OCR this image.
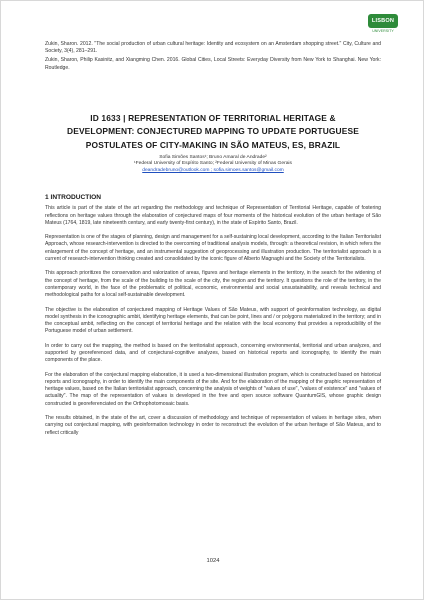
LISBON
UNIVERSITY

Zukin, Sharon. 2012. "The social production of urban cultural heritage: Identity and ecosystem on an Amsterdam shopping street." City, Culture and Society, 3(4), 281–291.

Zukin, Sharon, Philip Kasinitz, and Xiangming Chen. 2016. Global Cities, Local Streets: Everyday Diversity from New York to Shanghai. New York: Routledge.

ID 1633 | REPRESENTATION OF TERRITORIAL HERITAGE &
DEVELOPMENT: CONJECTURED MAPPING TO UPDATE PORTUGUESE
POSTULATES OF CITY-MAKING IN SÃO MATEUS, ES, BRAZIL
Sofia Simões Santos¹; Bruno Amaral de Andrade²
¹Federal University of Espírito Santo; ²Federal University of Minas Gerais
deandradebruno@outlook.com ; sofia.simoes.santos@gmail.com
1 INTRODUCTION

This article is part of the state of the art regarding the methodology and technique of Representation of Territorial Heritage, capable of fostering reflections on heritage values through the elaboration of conjectured maps of four moments of the historical evolution of the urban heritage of São Mateus (1764, 1819, late nineteenth century, and early twenty-first century), in the state of Espírito Santo, Brazil.

Representation is one of the stages of planning, design and management for a self-sustaining local development, according to the Italian Territorialist Approach, whose research-intervention is directed to the overcoming of traditional analysis models, through: a theoretical revision, in which refers the enlargement of the concept of heritage, and an instrumental suggestion of geoprocessing and illustration production. The territorialist approach is a current of research-intervention thinking created and consolidated by the iconic figure of Alberto Magnaghi and the Society of the Territorialists.

This approach prioritizes the conservation and valorization of areas, figures and heritage elements in the territory, in the search for the widening of the concept of heritage, from the scale of the building to the scale of the city, the region and the territory. It questions the role of the territory, in the contemporary world, in the face of the problematic of political, economic, environmental and social unsustainability, and reveals technical and methodological paths for a local self-sustainable development.

The objective is the elaboration of conjectured mapping of Heritage Values of São Mateus, with support of geoinformation technology, as digital model synthesis in the iconographic ambit, identifying heritage elements, that can be point, lines and / or polygons materialized in the territory; and in the conceptual ambit, reflecting on the concept of territorial heritage and the relation with the local economy that provides a reproducibility of the Portuguese model of urban settlement.

In order to carry out the mapping, the method is based on the territorialist approach, concerning environmental, territorial and urban analyzes, and supported by georeferenced data, and of conjectural-cognitive analyzes, based on historical reports and iconography, to identify the main components of the place.

For the elaboration of the conjectural mapping elaboration, it is used a two-dimensional illustration program, which is constructed based on historical reports and iconography, in order to identify the main components of the site. And for the elaboration of the mapping of the graphic representation of heritage values, based on the Italian territorialist approach, concerning the analysis of weights of "values of use", "values of existence" and "values of actuality". The map of the representation of values is developed in the free and open source software QuantumGIS, whose graphic design constructed is georeferenciated on the Orthophotomosaic basis.

The results obtained, in the state of the art, cover a discussion of methodology and technique of representation of values in heritage sites, when carrying out conjectural mapping, with geoinformation technology in order to reconstruct the evolution of the urban heritage of São Mateus, and to reflect critically

1024
